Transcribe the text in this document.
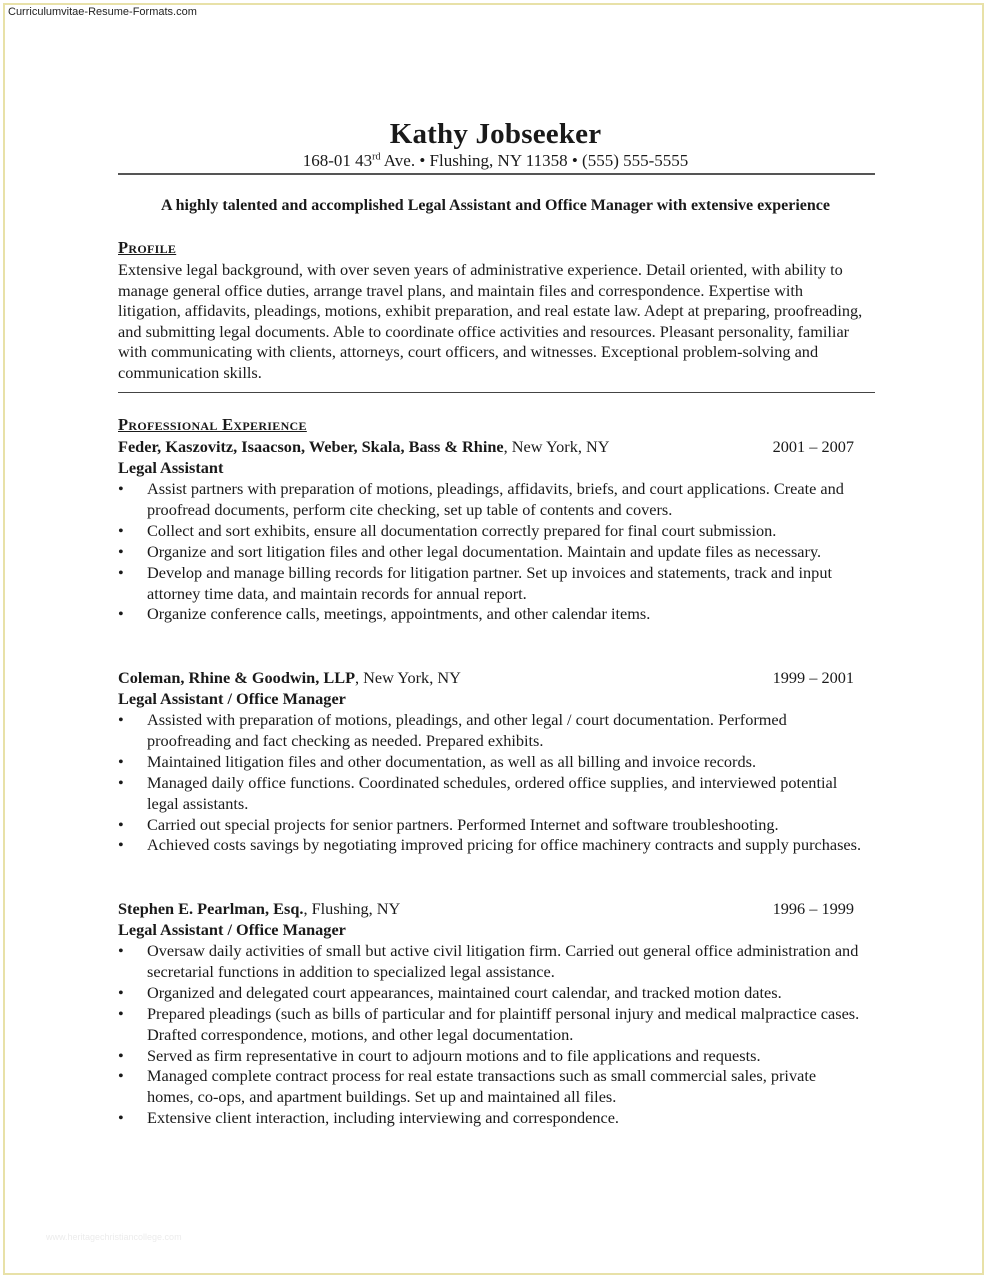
Curriculumvitae-Resume-Formats.com
Kathy Jobseeker
168-01 43rd Ave. • Flushing, NY 11358 • (555) 555-5555
A highly talented and accomplished Legal Assistant and Office Manager with extensive experience
Profile
Extensive legal background, with over seven years of administrative experience. Detail oriented, with ability to manage general office duties, arrange travel plans, and maintain files and correspondence. Expertise with litigation, affidavits, pleadings, motions, exhibit preparation, and real estate law. Adept at preparing, proofreading, and submitting legal documents. Able to coordinate office activities and resources. Pleasant personality, familiar with communicating with clients, attorneys, court officers, and witnesses. Exceptional problem-solving and communication skills.
Professional Experience
Feder, Kaszovitz, Isaacson, Weber, Skala, Bass & Rhine, New York, NY	2001 – 2007
Legal Assistant
• Assist partners with preparation of motions, pleadings, affidavits, briefs, and court applications. Create and proofread documents, perform cite checking, set up table of contents and covers.
• Collect and sort exhibits, ensure all documentation correctly prepared for final court submission.
• Organize and sort litigation files and other legal documentation. Maintain and update files as necessary.
• Develop and manage billing records for litigation partner. Set up invoices and statements, track and input attorney time data, and maintain records for annual report.
• Organize conference calls, meetings, appointments, and other calendar items.
Coleman, Rhine & Goodwin, LLP, New York, NY	1999 – 2001
Legal Assistant / Office Manager
• Assisted with preparation of motions, pleadings, and other legal / court documentation. Performed proofreading and fact checking as needed. Prepared exhibits.
• Maintained litigation files and other documentation, as well as all billing and invoice records.
• Managed daily office functions. Coordinated schedules, ordered office supplies, and interviewed potential legal assistants.
• Carried out special projects for senior partners. Performed Internet and software troubleshooting.
• Achieved costs savings by negotiating improved pricing for office machinery contracts and supply purchases.
Stephen E. Pearlman, Esq., Flushing, NY	1996 – 1999
Legal Assistant / Office Manager
• Oversaw daily activities of small but active civil litigation firm. Carried out general office administration and secretarial functions in addition to specialized legal assistance.
• Organized and delegated court appearances, maintained court calendar, and tracked motion dates.
• Prepared pleadings (such as bills of particular and for plaintiff personal injury and medical malpractice cases. Drafted correspondence, motions, and other legal documentation.
• Served as firm representative in court to adjourn motions and to file applications and requests.
• Managed complete contract process for real estate transactions such as small commercial sales, private homes, co-ops, and apartment buildings. Set up and maintained all files.
• Extensive client interaction, including interviewing and correspondence.
www.heritagechristiancollege.com
